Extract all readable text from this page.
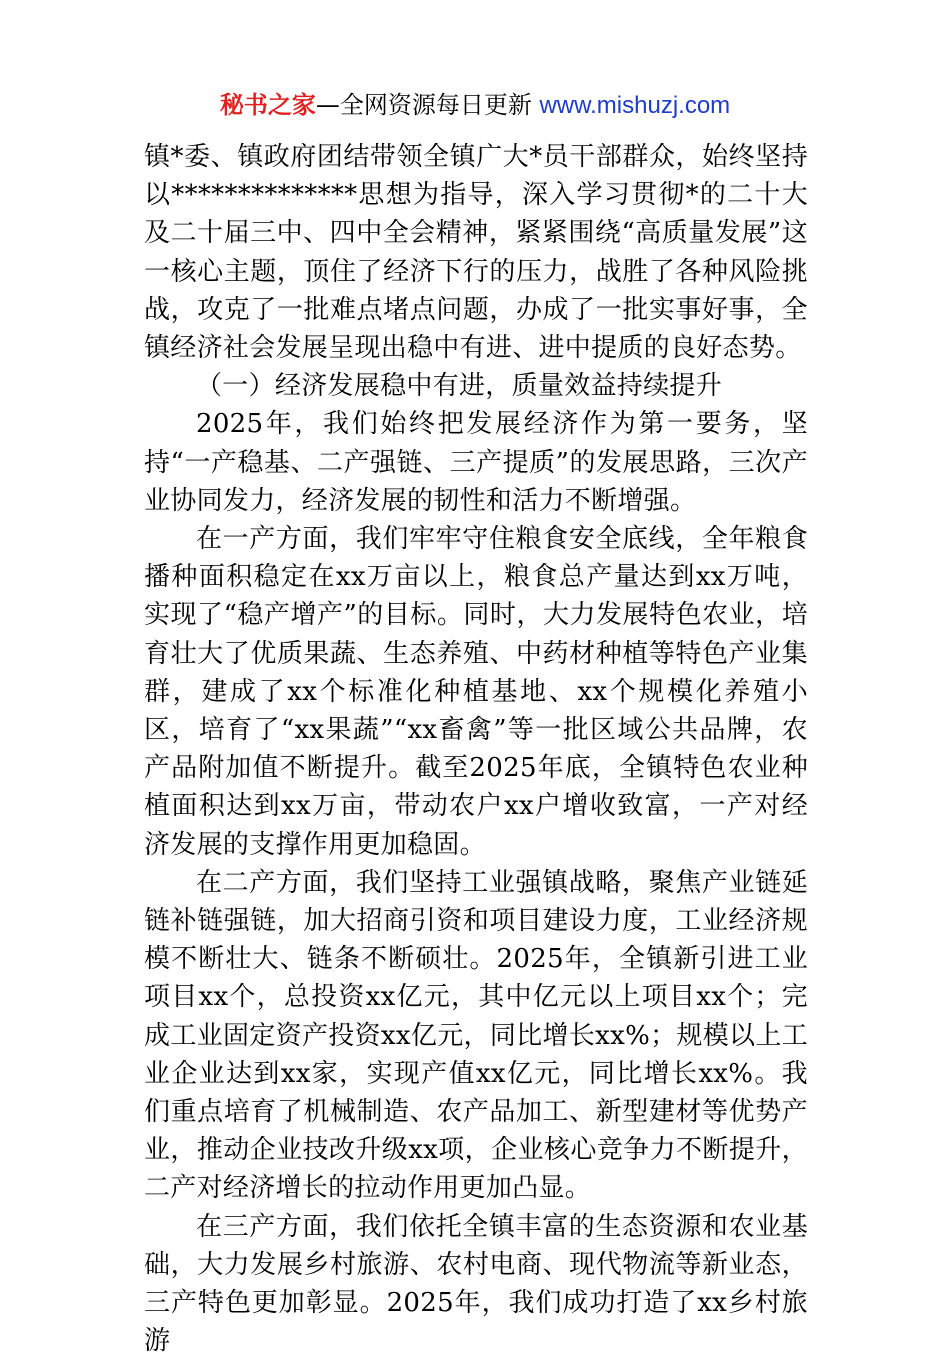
秘书之家—全网资源每日更新 www.mishuzj.com

镇*委、镇政府团结带领全镇广大*员干部群众，始终坚持以**************思想为指导，深入学习贯彻*的二十大及二十届三中、四中全会精神，紧紧围绕“高质量发展”这一核心主题，顶住了经济下行的压力，战胜了各种风险挑战，攻克了一批难点堵点问题，办成了一批实事好事，全镇经济社会发展呈现出稳中有进、进中提质的良好态势。

（一）经济发展稳中有进，质量效益持续提升

2025年，我们始终把发展经济作为第一要务，坚持“一产稳基、二产强链、三产提质”的发展思路，三次产业协同发力，经济发展的韧性和活力不断增强。

在一产方面，我们牢牢守住粮食安全底线，全年粮食播种面积稳定在xx万亩以上，粮食总产量达到xx万吨，实现了“稳产增产”的目标。同时，大力发展特色农业，培育壮大了优质果蔬、生态养殖、中药材种植等特色产业集群，建成了xx个标准化种植基地、xx个规模化养殖小区，培育了“xx果蔬”“xx畜禽”等一批区域公共品牌，农产品附加值不断提升。截至2025年底，全镇特色农业种植面积达到xx万亩，带动农户xx户增收致富，一产对经济发展的支撑作用更加稳固。

在二产方面，我们坚持工业强镇战略，聚焦产业链延链补链强链，加大招商引资和项目建设力度，工业经济规模不断壮大、链条不断硕壮。2025年，全镇新引进工业项目xx个，总投资xx亿元，其中亿元以上项目xx个；完成工业固定资产投资xx亿元，同比增长xx%；规模以上工业企业达到xx家，实现产值xx亿元，同比增长xx%。我们重点培育了机械制造、农产品加工、新型建材等优势产业，推动企业技改升级xx项，企业核心竞争力不断提升，二产对经济增长的拉动作用更加凸显。

在三产方面，我们依托全镇丰富的生态资源和农业基础，大力发展乡村旅游、农村电商、现代物流等新业态，三产特色更加彰显。2025年，我们成功打造了xx乡村旅游
